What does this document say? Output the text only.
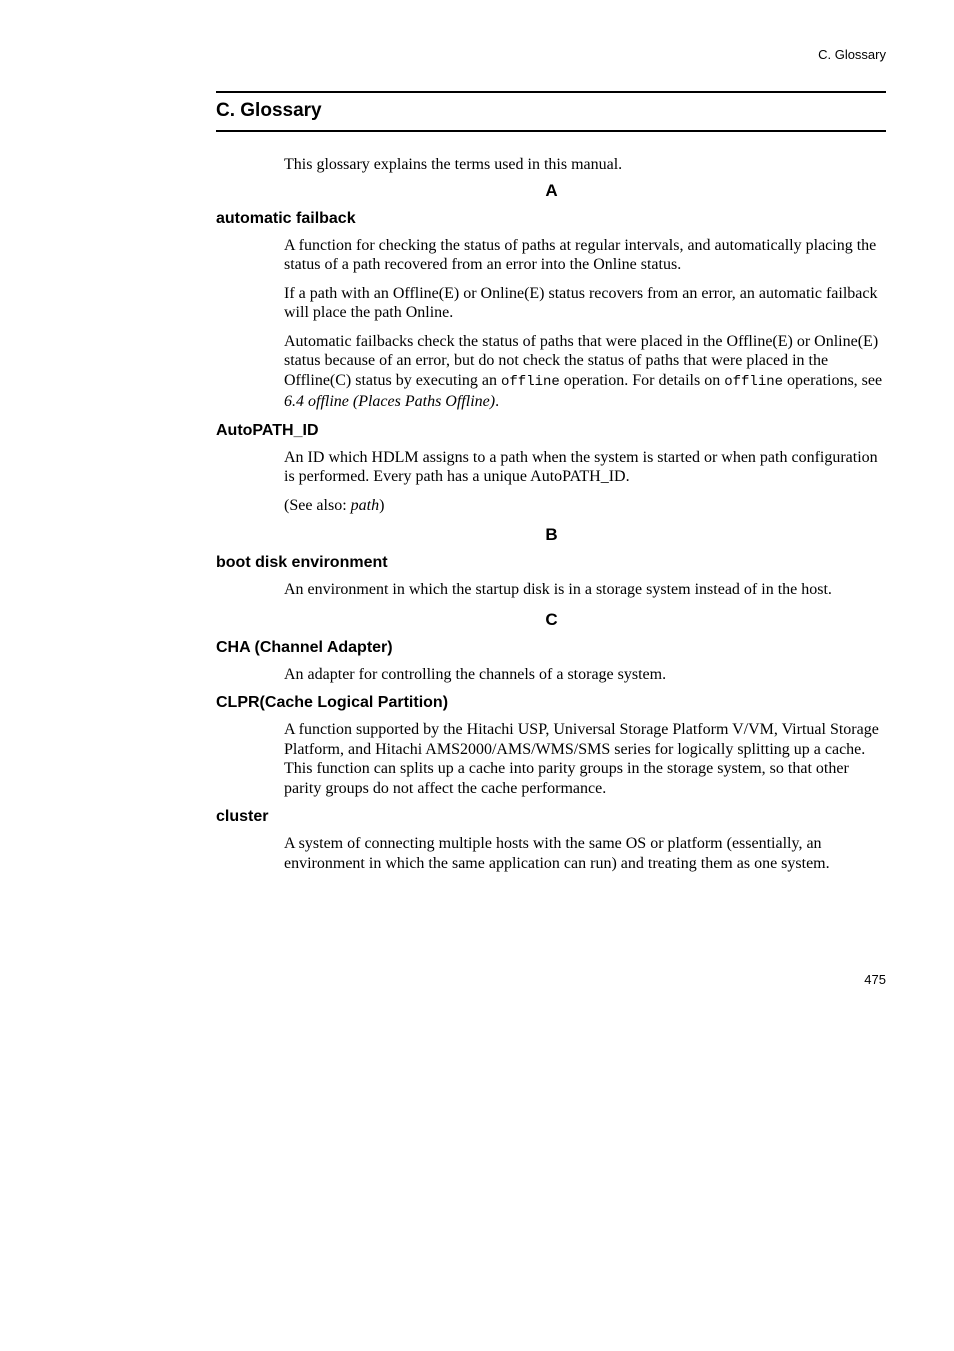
C. Glossary
C. Glossary

This glossary explains the terms used in this manual.

A
automatic failback

A function for checking the status of paths at regular intervals, and automatically placing the status of a path recovered from an error into the Online status.

If a path with an Offline(E) or Online(E) status recovers from an error, an automatic failback will place the path Online.

Automatic failbacks check the status of paths that were placed in the Offline(E) or Online(E) status because of an error, but do not check the status of paths that were placed in the Offline(C) status by executing an offline operation. For details on offline operations, see 6.4 offline (Places Paths Offline).

AutoPATH_ID

An ID which HDLM assigns to a path when the system is started or when path configuration is performed. Every path has a unique AutoPATH_ID.

(See also: path)

B
boot disk environment

An environment in which the startup disk is in a storage system instead of in the host.

C
CHA (Channel Adapter)

An adapter for controlling the channels of a storage system.

CLPR(Cache Logical Partition)

A function supported by the Hitachi USP, Universal Storage Platform V/VM, Virtual Storage Platform, and Hitachi AMS2000/AMS/WMS/SMS series for logically splitting up a cache. This function can splits up a cache into parity groups in the storage system, so that other parity groups do not affect the cache performance.

cluster

A system of connecting multiple hosts with the same OS or platform (essentially, an environment in which the same application can run) and treating them as one system.

475
